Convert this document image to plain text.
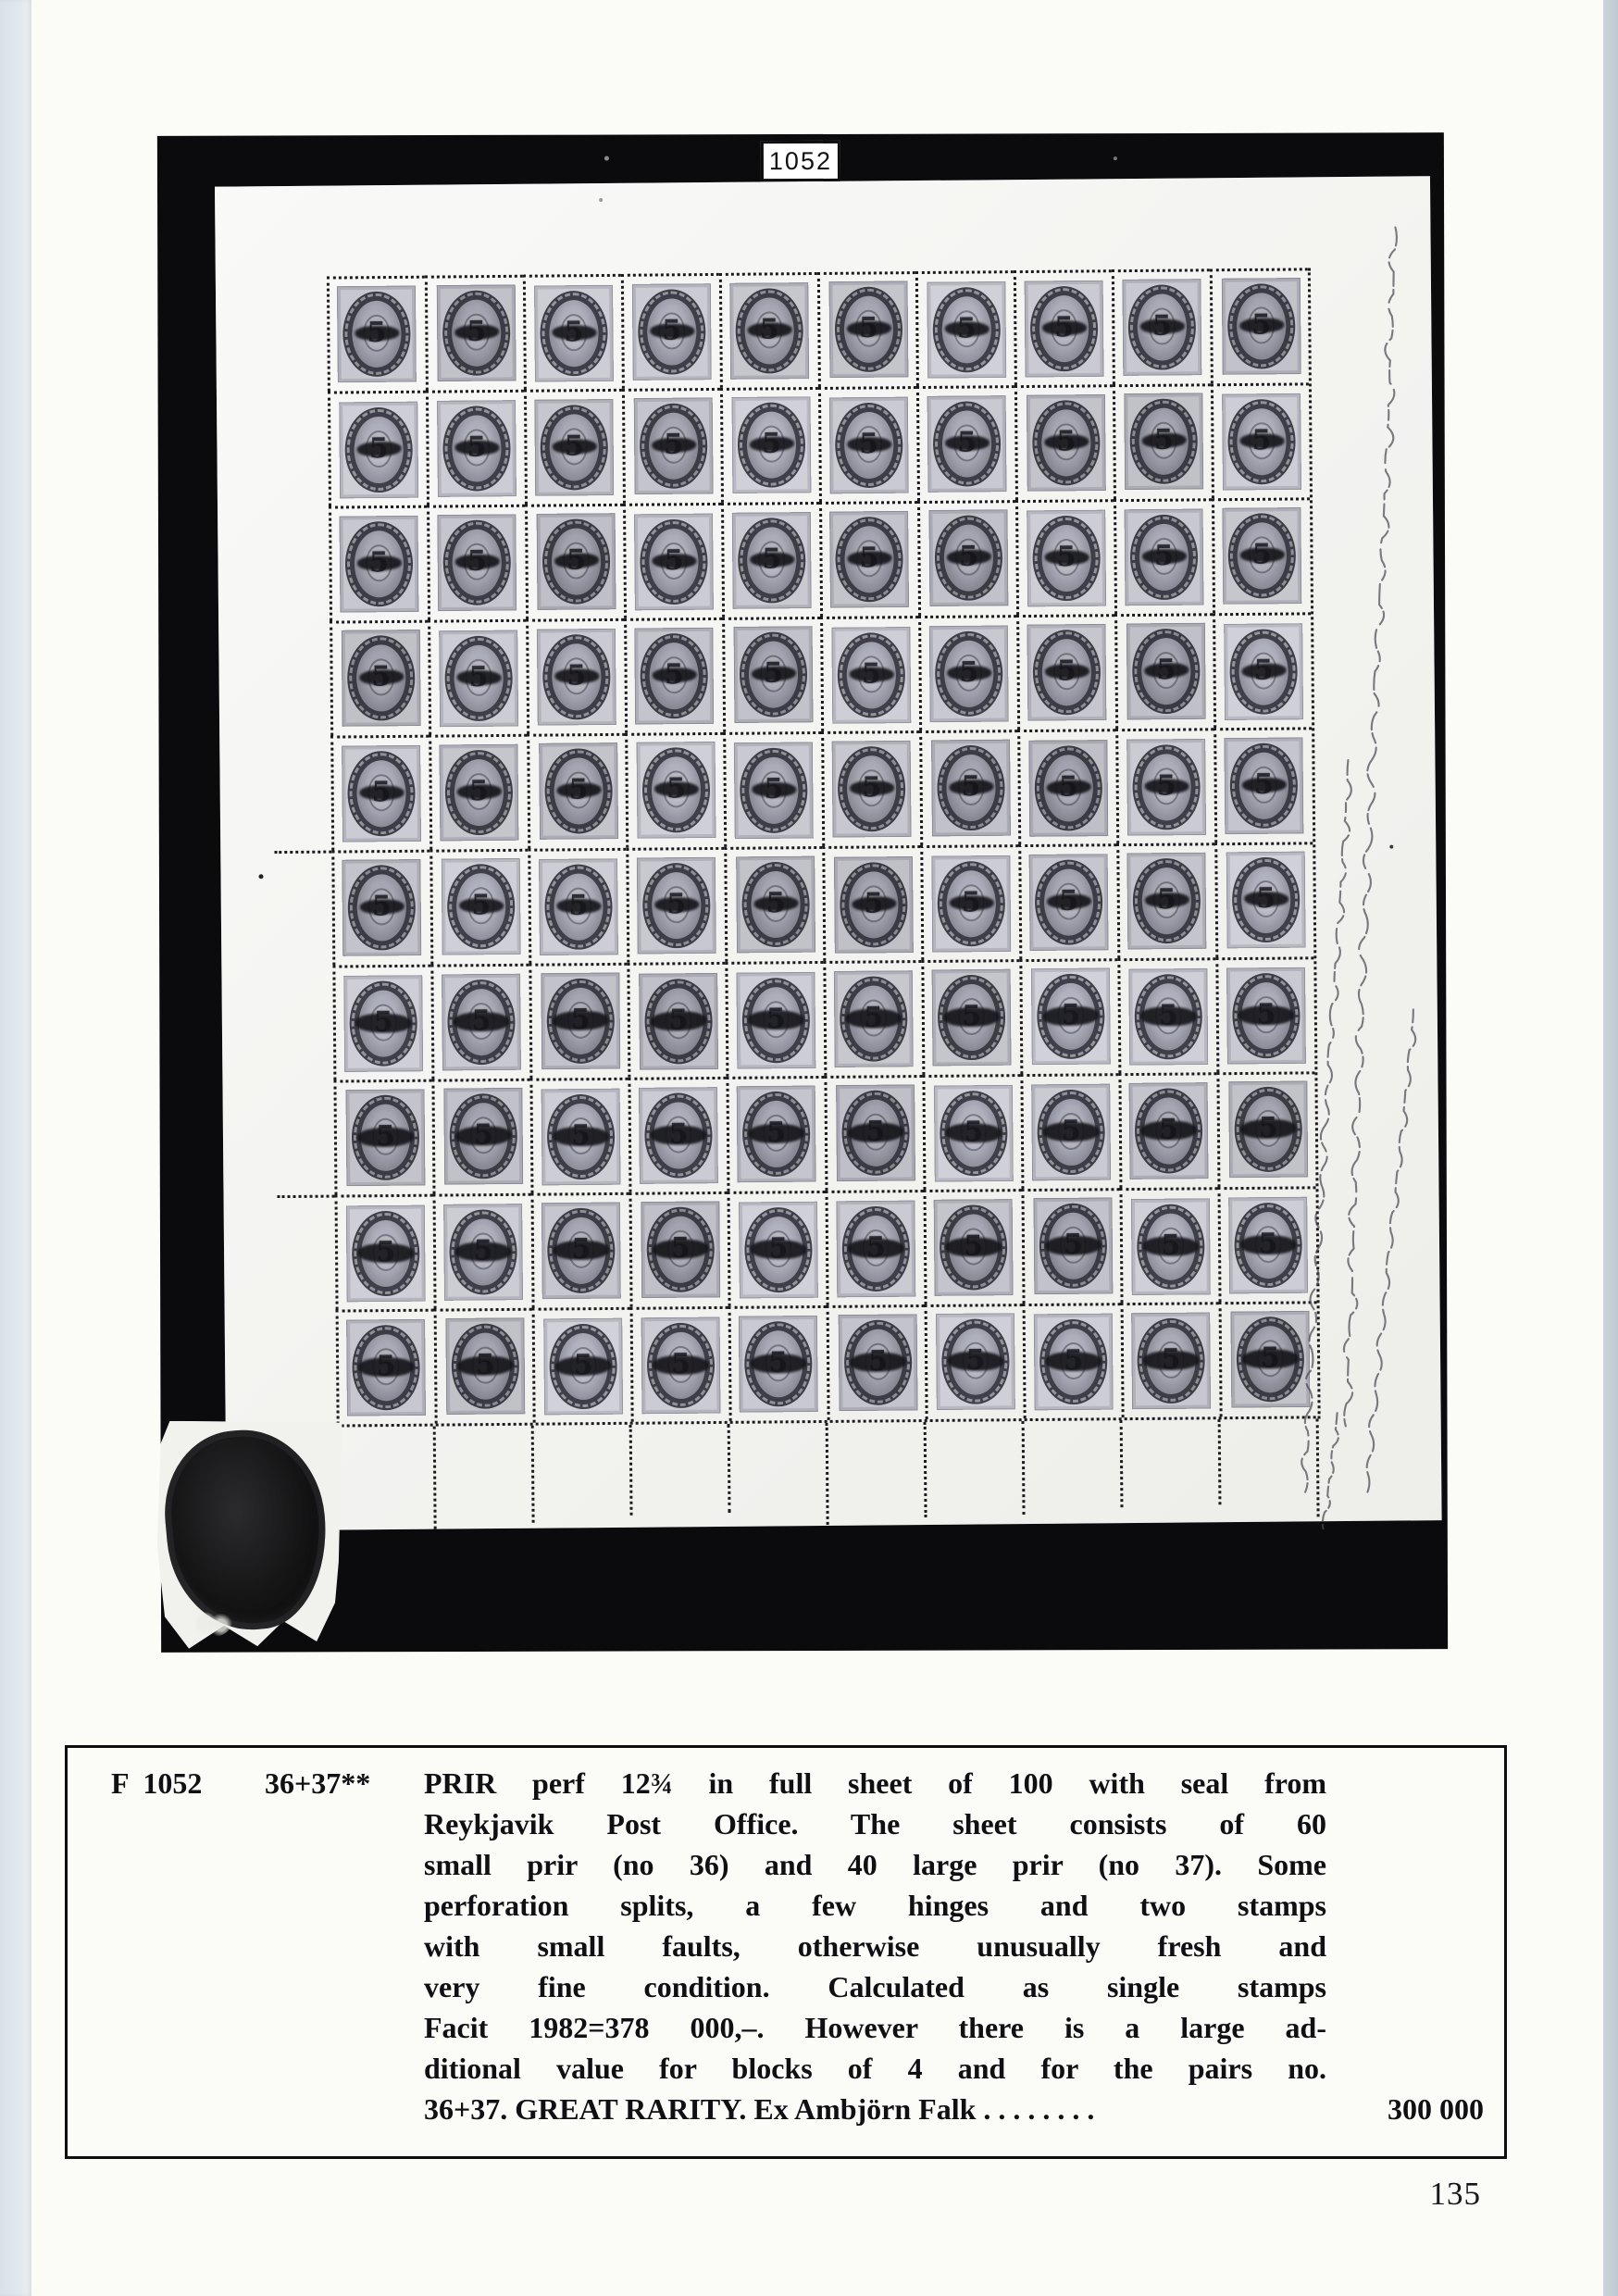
1052
F  1052 36+37** PRIR perf 12¾ in full sheet of 100 with seal from
Reykjavik Post Office. The sheet consists of 60
small prir (no 36) and 40 large prir (no 37). Some
perforation splits, a few hinges and two stamps
with small faults, otherwise unusually fresh and
very fine condition. Calculated as single stamps
Facit 1982=378 000,–. However there is a large ad-
ditional value for blocks of 4 and for the pairs no.
36+37. GREAT RARITY. Ex Ambjörn Falk . . . . . . . .	300 000
135
